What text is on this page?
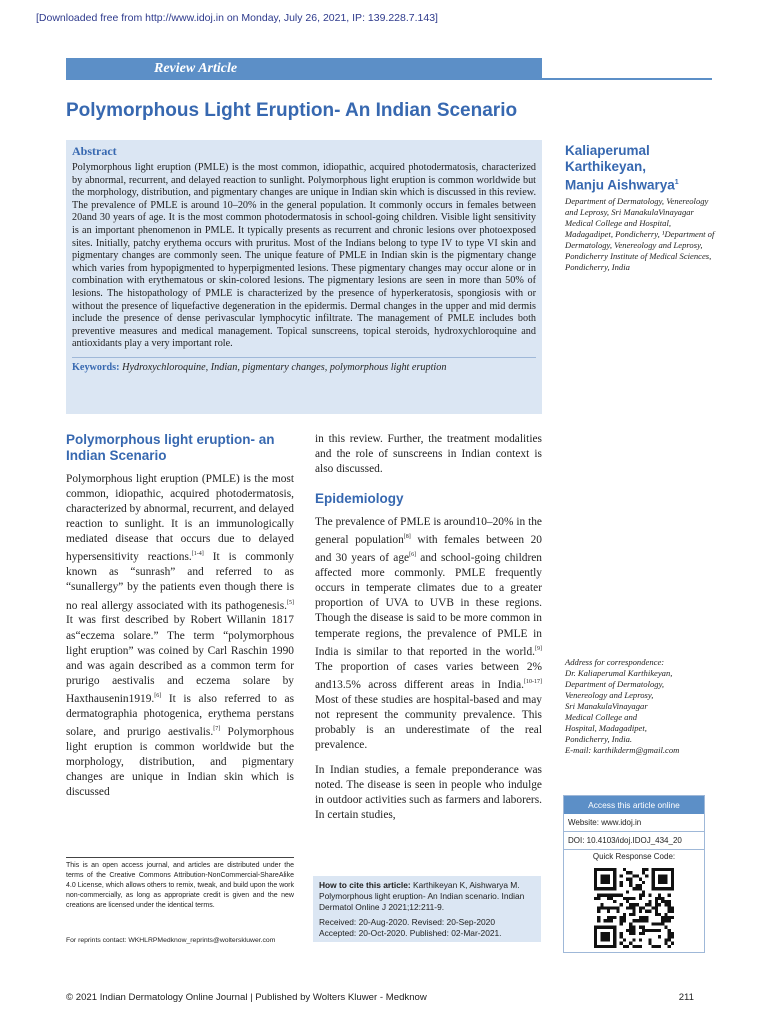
[Downloaded free from http://www.idoj.in on Monday, July 26, 2021, IP: 139.228.7.143]
Review Article
Polymorphous Light Eruption- An Indian Scenario
Abstract

Polymorphous light eruption (PMLE) is the most common, idiopathic, acquired photodermatosis, characterized by abnormal, recurrent, and delayed reaction to sunlight. Polymorphous light eruption is common worldwide but the morphology, distribution, and pigmentary changes are unique in Indian skin which is discussed in this review. The prevalence of PMLE is around 10–20% in the general population. It commonly occurs in females between 20and 30 years of age. It is the most common photodermatosis in school-going children. Visible light sensitivity is an important phenomenon in PMLE. It typically presents as recurrent and chronic lesions over photoexposed sites. Initially, patchy erythema occurs with pruritus. Most of the Indians belong to type IV to type VI skin and pigmentary changes are commonly seen. The unique feature of PMLE in Indian skin is the pigmentary change which varies from hypopigmented to hyperpigmented lesions. These pigmentary changes may occur alone or in combination with erythematous or skin-colored lesions. The pigmentary lesions are seen in more than 50% of lesions. The histopathology of PMLE is characterized by the presence of hyperkeratosis, spongiosis with or without the presence of liquefactive degeneration in the epidermis. Dermal changes in the upper and mid dermis include the presence of dense perivascular lymphocytic infiltrate. The management of PMLE includes both preventive measures and medical management. Topical sunscreens, topical steroids, hydroxychloroquine and antioxidants play a very important role.

Keywords: Hydroxychloroquine, Indian, pigmentary changes, polymorphous light eruption
Kaliaperumal
Karthikeyan,
Manju Aishwarya$^1$
Department of Dermatology, Venereology and Leprosy, Sri ManakulaVinayagar Medical College and Hospital, Madagadipet, Pondicherry, ¹Department of Dermatology, Venereology and Leprosy, Pondicherry Institute of Medical Sciences, Pondicherry, India
Polymorphous light eruption- an Indian Scenario

Polymorphous light eruption (PMLE) is the most common, idiopathic, acquired photodermatosis, characterized by abnormal, recurrent, and delayed reaction to sunlight. It is an immunologically mediated disease that occurs due to delayed hypersensitivity reactions.[1-4] It is commonly known as “sunrash” and referred to as “sunallergy” by the patients even though there is no real allergy associated with its pathogenesis.[5] It was first described by Robert Willanin 1817 as“eczema solare.” The term “polymorphous light eruption” was coined by Carl Raschin 1990 and was again described as a common term for prurigo aestivalis and eczema solare by Haxthausenin1919.[6] It is also referred to as dermatographia photogenica, erythema perstans solare, and prurigo aestivalis.[7] Polymorphous light eruption is common worldwide but the morphology, distribution, and pigmentary changes are unique in Indian skin which is discussed

in this review. Further, the treatment modalities and the role of sunscreens in Indian context is also discussed.

Epidemiology

The prevalence of PMLE is around10–20% in the general population[8] with females between 20 and 30 years of age[6] and school-going children affected more commonly. PMLE frequently occurs in temperate climates due to a greater proportion of UVA to UVB in these regions. Though the disease is said to be more common in temperate regions, the prevalence of PMLE in India is similar to that reported in the world.[9] The proportion of cases varies between 2% and13.5% across different areas in India.[10-17] Most of these studies are hospital-based and may not represent the community prevalence. This probably is an underestimate of the real prevalence.

In Indian studies, a female preponderance was noted. The disease is seen in people who indulge in outdoor activities such as farmers and laborers. In certain studies,

This is an open access journal, and articles are distributed under the terms of the Creative Commons Attribution-NonCommercial-ShareAlike 4.0 License, which allows others to remix, tweak, and build upon the work non-commercially, as long as appropriate credit is given and the new creations are licensed under the identical terms.
For reprints contact: WKHLRPMedknow_reprints@wolterskluwer.com
How to cite this article: Karthikeyan K, Aishwarya M. Polymorphous light eruption- An Indian scenario. Indian Dermatol Online J 2021;12:211-9.
Received: 20-Aug-2020. Revised: 20-Sep-2020
Accepted: 20-Oct-2020. Published: 02-Mar-2021.
Address for correspondence:
Dr. Kaliaperumal Karthikeyan,
Department of Dermatology,
Venereology and Leprosy,
Sri ManakulaVinayagar
Medical College and
Hospital, Madagadipet,
Pondicherry, India.
E-mail: karthikderm@gmail.com
Access this article online
Website: www.idoj.in
DOI: 10.4103/idoj.IDOJ_434_20
Quick Response Code:
© 2021 Indian Dermatology Online Journal | Published by Wolters Kluwer - Medknow	211
